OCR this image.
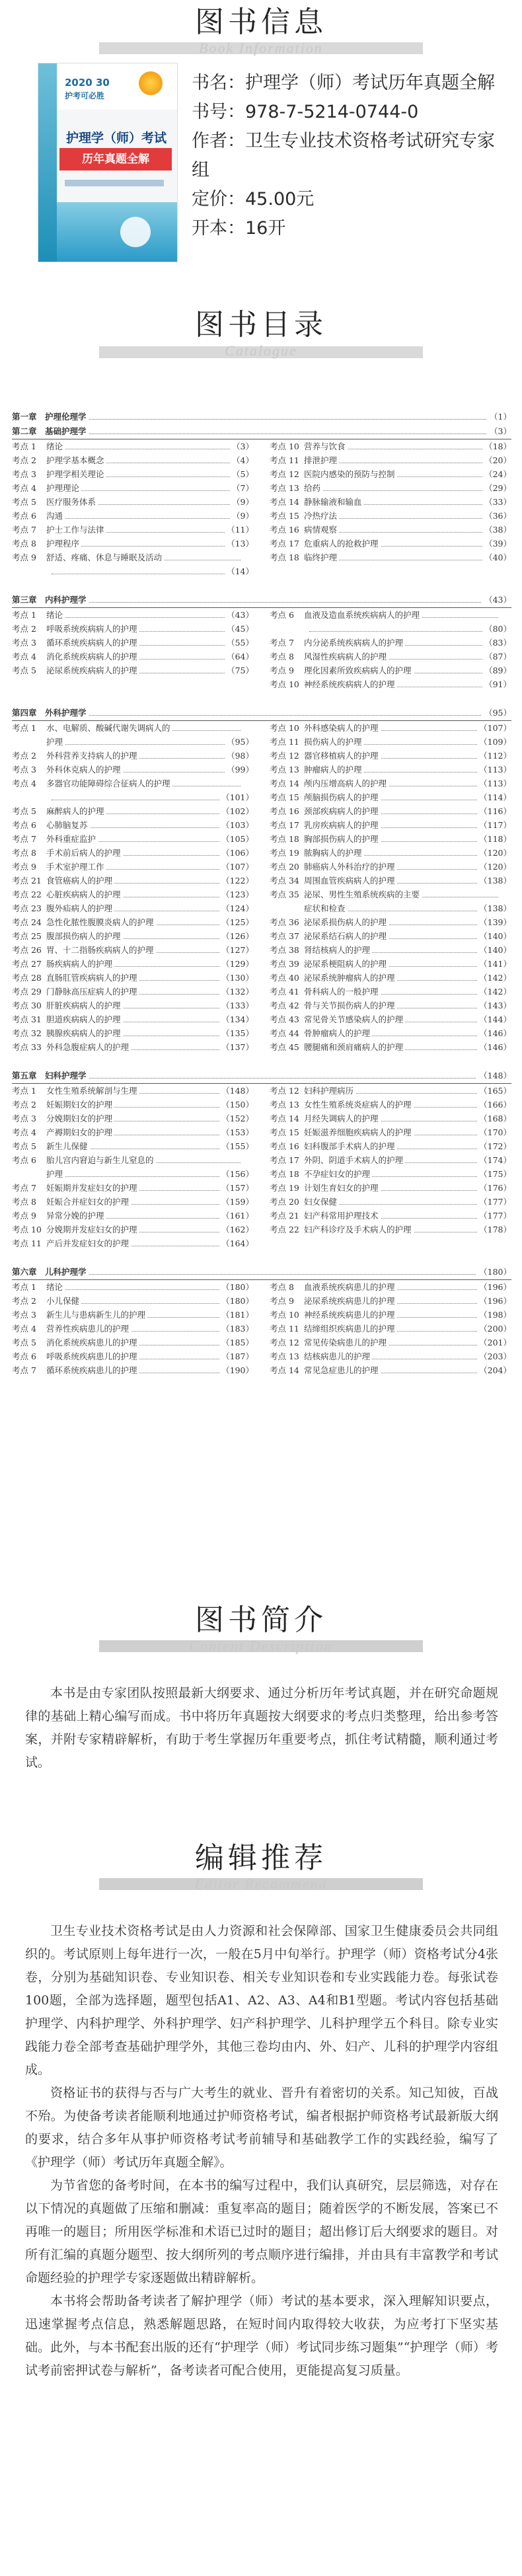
图书信息
Book Information
2020 30
护考可必胜
护理学（师）考试
历年真题全解

书名：护理学（师）考试历年真题全解

书号：978-7-5214-0744-0

作者：卫生专业技术资格考试研究专家组

定价：45.00元

开本：16开

图书目录
Catalogue
第一章　护理伦理学	（1）
第二章　基础护理学	（3）
考点 1	绪论	（3）
考点 2	护理学基本概念	（4）
考点 3	护理学相关理论	（5）
考点 4	护理理论	（7）
考点 5	医疗服务体系	（9）
考点 6	沟通	（9）
考点 7	护士工作与法律	（11）
考点 8	护理程序	（13）
考点 9	舒适、疼痛、休息与睡眠及活动
（14）
考点 10 营养与饮食	（18）
考点 11 排泄护理	（20）
考点 12 医院内感染的预防与控制	（24）
考点 13 给药	（29）
考点 14 静脉输液和输血	（33）
考点 15 冷热疗法	（36）
考点 16 病情观察	（38）
考点 17 危重病人的抢救护理	（39）
考点 18 临终护理	（40）
第三章　内科护理学	（43）
考点 1	绪论	（43）
考点 2	呼吸系统疾病病人的护理	（45）
考点 3	循环系统疾病病人的护理	（55）
考点 4	消化系统疾病病人的护理	（64）
考点 5	泌尿系统疾病病人的护理	（75）
考点 6	血液及造血系统疾病病人的护理
（80）
考点 7	内分泌系统疾病病人的护理	（83）
考点 8	风湿性疾病病人的护理	（87）
考点 9	理化因素所致疾病病人的护理	（89）
考点 10 神经系统疾病病人的护理	（91）
第四章　外科护理学	（95）
考点 1	水、电解质、酸碱代谢失调病人的
护理	（95）
考点 2	外科营养支持病人的护理	（98）
考点 3	外科休克病人的护理	（99）
考点 4	多器官功能障碍综合征病人的护理
（101）
考点 5	麻醉病人的护理	（102）
考点 6	心肺脑复苏	（103）
考点 7	外科重症监护	（105）
考点 8	手术前后病人的护理	（106）
考点 9	手术室护理工作	（107）
考点 21 食管癌病人的护理	（122）
考点 22 心脏疾病病人的护理	（123）
考点 23 腹外疝病人的护理	（124）
考点 24 急性化脓性腹膜炎病人的护理	（125）
考点 25 腹部损伤病人的护理	（126）
考点 26 胃、十二指肠疾病病人的护理	（127）
考点 27 肠疾病病人的护理	（129）
考点 28 直肠肛管疾病病人的护理	（130）
考点 29 门静脉高压症病人的护理	（132）
考点 30 肝脏疾病病人的护理	（133）
考点 31 胆道疾病病人的护理	（134）
考点 32 胰腺疾病病人的护理	（135）
考点 33 外科急腹症病人的护理	（137）
考点 10 外科感染病人的护理	（107）
考点 11 损伤病人的护理	（109）
考点 12 器官移植病人的护理	（112）
考点 13 肿瘤病人的护理	（113）
考点 14 颅内压增高病人的护理	（113）
考点 15 颅脑损伤病人的护理	（114）
考点 16 颈部疾病病人的护理	（116）
考点 17 乳房疾病病人的护理	（117）
考点 18 胸部损伤病人的护理	（118）
考点 19 脓胸病人的护理	（120）
考点 20 肺癌病人外科治疗的护理	（120）
考点 34 周围血管疾病病人的护理	（138）
考点 35 泌尿、男性生殖系统疾病的主要
症状和检查	（138）
考点 36 泌尿系损伤病人的护理	（139）
考点 37 泌尿系结石病人的护理	（140）
考点 38 肾结核病人的护理	（140）
考点 39 泌尿系梗阻病人的护理	（141）
考点 40 泌尿系统肿瘤病人的护理	（142）
考点 41 骨科病人的一般护理	（142）
考点 42 骨与关节损伤病人的护理	（143）
考点 43 常见骨关节感染病人的护理	（144）
考点 44 骨肿瘤病人的护理	（146）
考点 45 腰腿痛和颈肩痛病人的护理	（146）
第五章　妇科护理学	（148）
考点 1	女性生殖系统解剖与生理	（148）
考点 2	妊娠期妇女的护理	（150）
考点 3	分娩期妇女的护理	（152）
考点 4	产褥期妇女的护理	（153）
考点 5	新生儿保健	（155）
考点 6	胎儿宫内窘迫与新生儿窒息的
护理	（156）
考点 7	妊娠期并发症妇女的护理	（157）
考点 8	妊娠合并症妇女的护理	（159）
考点 9	异常分娩的护理	（161）
考点 10 分娩期并发症妇女的护理	（162）
考点 11 产后并发症妇女的护理	（164）
考点 12 妇科护理病历	（165）
考点 13 女性生殖系统炎症病人的护理	（166）
考点 14 月经失调病人的护理	（168）
考点 15 妊娠滋养细胞疾病病人的护理	（170）
考点 16 妇科腹部手术病人的护理	（172）
考点 17 外阴、阴道手术病人的护理	（174）
考点 18 不孕症妇女的护理	（175）
考点 19 计划生育妇女的护理	（176）
考点 20 妇女保健	（177）
考点 21 妇产科常用护理技术	（177）
考点 22 妇产科诊疗及手术病人的护理	（178）
第六章　儿科护理学	（180）
考点 1	绪论	（180）
考点 2	小儿保健	（180）
考点 3	新生儿与患病新生儿的护理	（181）
考点 4	营养性疾病患儿的护理	（183）
考点 5	消化系统疾病患儿的护理	（185）
考点 6	呼吸系统疾病患儿的护理	（187）
考点 7	循环系统疾病患儿的护理	（190）
考点 8	血液系统疾病患儿的护理	（196）
考点 9	泌尿系统疾病患儿的护理	（196）
考点 10 神经系统疾病患儿的护理	（198）
考点 11 结缔组织疾病患儿的护理	（200）
考点 12 常见传染病患儿的护理	（201）
考点 13 结核病患儿的护理	（203）
考点 14 常见急症患儿的护理	（204）
图书简介
Content Description

本书是由专家团队按照最新大纲要求、通过分析历年考试真题，并在研究命题规律的基础上精心编写而成。书中将历年真题按大纲要求的考点归类整理，给出参考答案，并附专家精辟解析，有助于考生掌握历年重要考点，抓住考试精髓，顺利通过考试。

编辑推荐
Editor Recommend

卫生专业技术资格考试是由人力资源和社会保障部、国家卫生健康委员会共同组织的。考试原则上每年进行一次，一般在5月中旬举行。护理学（师）资格考试分4张卷，分别为基础知识卷、专业知识卷、相关专业知识卷和专业实践能力卷。每张试卷100题，全部为选择题，题型包括A1、A2、A3、A4和B1型题。考试内容包括基础护理学、内科护理学、外科护理学、妇产科护理学、儿科护理学五个科目。除专业实践能力卷全部考查基础护理学外，其他三卷均由内、外、妇产、儿科的护理学内容组成。

资格证书的获得与否与广大考生的就业、晋升有着密切的关系。知己知彼，百战不殆。为使备考读者能顺利地通过护师资格考试，编者根据护师资格考试最新版大纲的要求，结合多年从事护师资格考试考前辅导和基础教学工作的实践经验，编写了《护理学（师）考试历年真题全解》。

为节省您的备考时间，在本书的编写过程中，我们认真研究，层层筛选，对存在以下情况的真题做了压缩和删减：重复率高的题目；随着医学的不断发展，答案已不再唯一的题目；所用医学标准和术语已过时的题目；超出修订后大纲要求的题目。对所有汇编的真题分题型、按大纲所列的考点顺序进行编排，并由具有丰富教学和考试命题经验的护理学专家逐题做出精辟解析。

本书将会帮助备考读者了解护理学（师）考试的基本要求，深入理解知识要点，迅速掌握考点信息，熟悉解题思路，在短时间内取得较大收获，为应考打下坚实基础。此外，与本书配套出版的还有“护理学（师）考试同步练习题集”“护理学（师）考试考前密押试卷与解析”，备考读者可配合使用，更能提高复习质量。
